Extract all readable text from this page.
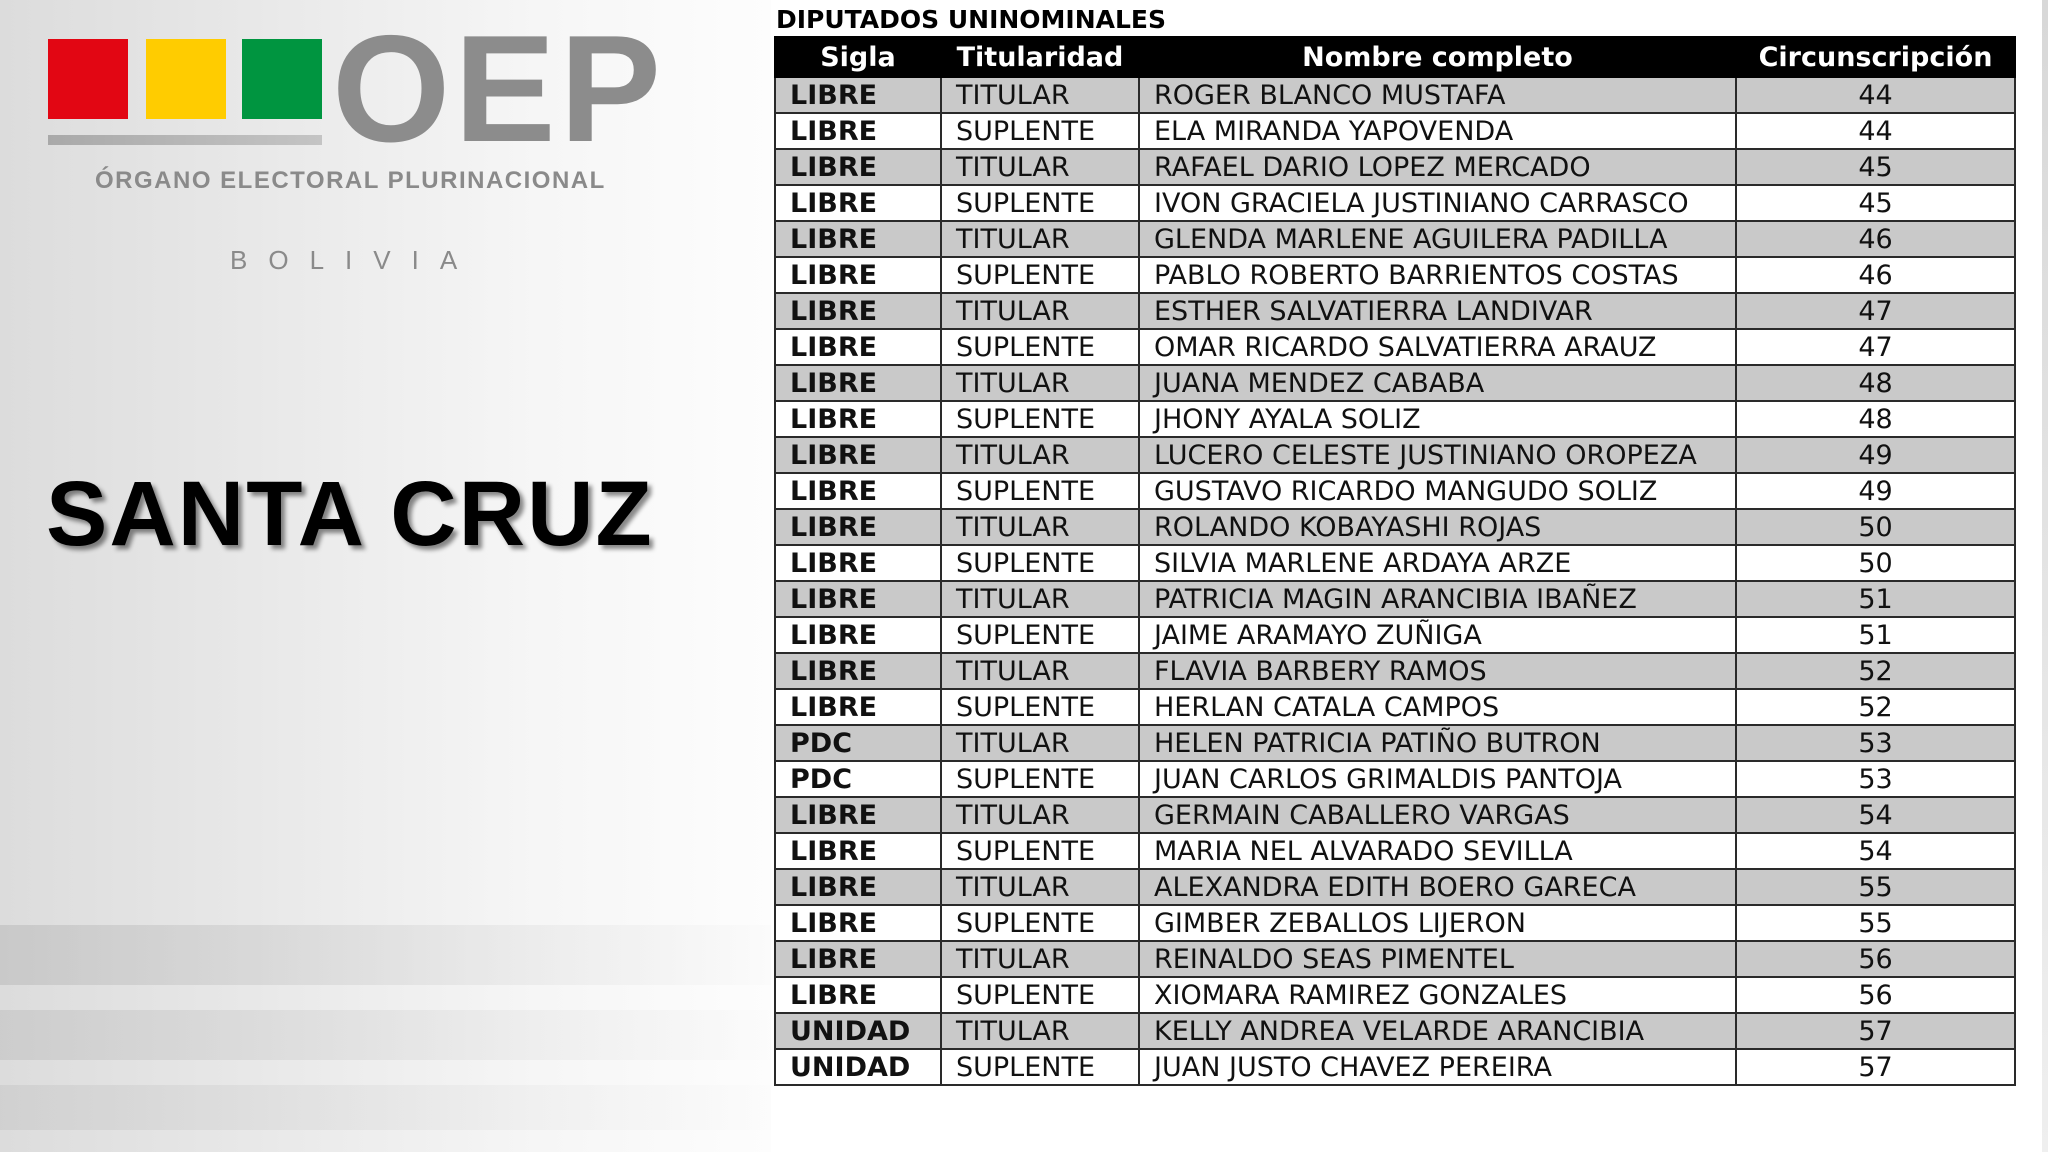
OEP
ÓRGANO ELECTORAL PLURINACIONAL
BOLIVIA
SANTA CRUZ
DIPUTADOS UNINOMINALES
Sigla	Titularidad	Nombre completo	Circunscripción
LIBRE	TITULAR	ROGER BLANCO MUSTAFA	44
LIBRE	SUPLENTE	ELA MIRANDA YAPOVENDA	44
LIBRE	TITULAR	RAFAEL DARIO LOPEZ MERCADO	45
LIBRE	SUPLENTE	IVON GRACIELA JUSTINIANO CARRASCO	45
LIBRE	TITULAR	GLENDA MARLENE AGUILERA PADILLA	46
LIBRE	SUPLENTE	PABLO ROBERTO BARRIENTOS COSTAS	46
LIBRE	TITULAR	ESTHER SALVATIERRA LANDIVAR	47
LIBRE	SUPLENTE	OMAR RICARDO SALVATIERRA ARAUZ	47
LIBRE	TITULAR	JUANA MENDEZ CABABA	48
LIBRE	SUPLENTE	JHONY AYALA SOLIZ	48
LIBRE	TITULAR	LUCERO CELESTE JUSTINIANO OROPEZA	49
LIBRE	SUPLENTE	GUSTAVO RICARDO MANGUDO SOLIZ	49
LIBRE	TITULAR	ROLANDO KOBAYASHI ROJAS	50
LIBRE	SUPLENTE	SILVIA MARLENE ARDAYA ARZE	50
LIBRE	TITULAR	PATRICIA MAGIN ARANCIBIA IBAÑEZ	51
LIBRE	SUPLENTE	JAIME ARAMAYO ZUÑIGA	51
LIBRE	TITULAR	FLAVIA BARBERY RAMOS	52
LIBRE	SUPLENTE	HERLAN CATALA CAMPOS	52
PDC	TITULAR	HELEN PATRICIA PATIÑO BUTRON	53
PDC	SUPLENTE	JUAN CARLOS GRIMALDIS PANTOJA	53
LIBRE	TITULAR	GERMAIN CABALLERO VARGAS	54
LIBRE	SUPLENTE	MARIA NEL ALVARADO SEVILLA	54
LIBRE	TITULAR	ALEXANDRA EDITH BOERO GARECA	55
LIBRE	SUPLENTE	GIMBER ZEBALLOS LIJERON	55
LIBRE	TITULAR	REINALDO SEAS PIMENTEL	56
LIBRE	SUPLENTE	XIOMARA RAMIREZ GONZALES	56
UNIDAD	TITULAR	KELLY ANDREA VELARDE ARANCIBIA	57
UNIDAD	SUPLENTE	JUAN JUSTO CHAVEZ PEREIRA	57
